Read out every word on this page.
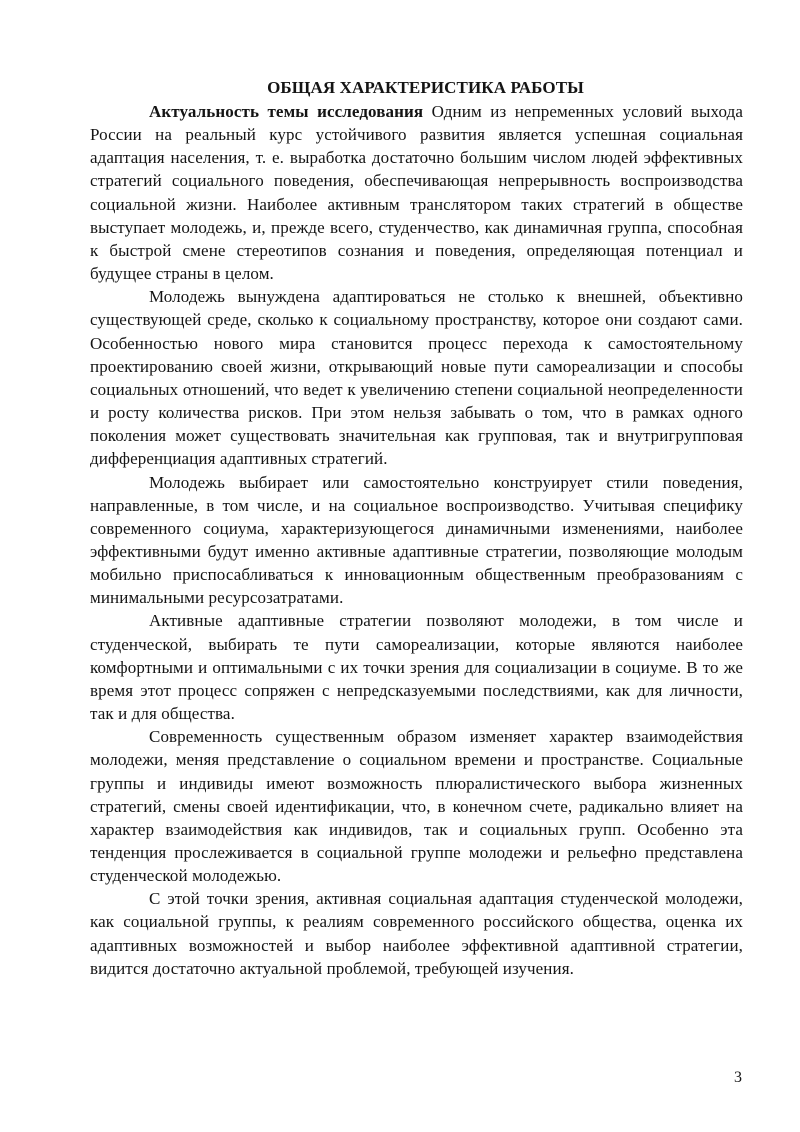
ОБЩАЯ ХАРАКТЕРИСТИКА РАБОТЫ

Актуальность темы исследования Одним из непременных условий выхода России на реальный курс устойчивого развития является успешная социальная адаптация населения, т. е. выработка достаточно большим числом людей эффективных стратегий социального поведения, обеспечивающая непрерывность воспроизводства социальной жизни. Наиболее активным транслятором таких стратегий в обществе выступает молодежь, и, прежде всего, студенчество, как динамичная группа, способная к быстрой смене стереотипов сознания и поведения, определяющая потенциал и будущее страны в целом.

Молодежь вынуждена адаптироваться не столько к внешней, объективно существующей среде, сколько к социальному пространству, которое они создают сами. Особенностью нового мира становится процесс перехода к самостоятельному проектированию своей жизни, открывающий новые пути самореализации и способы социальных отношений, что ведет к увеличению степени социальной неопределенности и росту количества рисков. При этом нельзя забывать о том, что в рамках одного поколения может существовать значительная как групповая, так и внутригрупповая дифференциация адаптивных стратегий.

Молодежь выбирает или самостоятельно конструирует стили поведения, направленные, в том числе, и на социальное воспроизводство. Учитывая специфику современного социума, характеризующегося динамичными изменениями, наиболее эффективными будут именно активные адаптивные стратегии, позволяющие молодым мобильно приспосабливаться к инновационным общественным преобразованиям с минимальными ресурсозатратами.

Активные адаптивные стратегии позволяют молодежи, в том числе и студенческой, выбирать те пути самореализации, которые являются наиболее комфортными и оптимальными с их точки зрения для социализации в социуме. В то же время этот процесс сопряжен с непредсказуемыми последствиями, как для личности, так и для общества.

Современность существенным образом изменяет характер взаимодействия молодежи, меняя представление о социальном времени и пространстве. Социальные группы и индивиды имеют возможность плюралистического выбора жизненных стратегий, смены своей идентификации, что, в конечном счете, радикально влияет на характер взаимодействия как индивидов, так и социальных групп. Особенно эта тенденция прослеживается в социальной группе молодежи и рельефно представлена студенческой молодежью.

С этой точки зрения, активная социальная адаптация студенческой молодежи, как социальной группы, к реалиям современного российского общества, оценка их адаптивных возможностей и выбор наиболее эффективной адаптивной стратегии, видится достаточно актуальной проблемой, требующей изучения.

3
